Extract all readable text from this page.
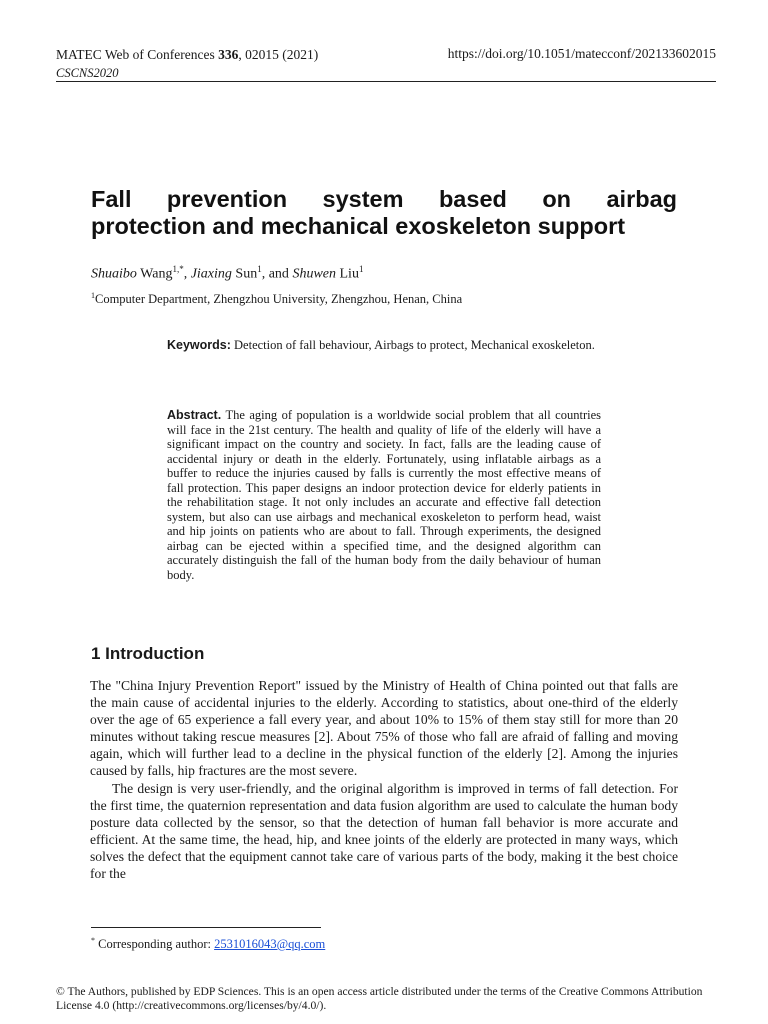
MATEC Web of Conferences 336, 02015 (2021)
CSCNS2020
https://doi.org/10.1051/matecconf/202133602015
Fall prevention system based on airbag
protection and mechanical exoskeleton support
Shuaibo Wang$^{1,*}$, Jiaxing Sun$^1$, and Shuwen Liu$^1$
$^1$Computer Department, Zhengzhou University, Zhengzhou, Henan, China
Keywords: Detection of fall behaviour, Airbags to protect, Mechanical exoskeleton.
Abstract. The aging of population is a worldwide social problem that all countries will face in the 21st century. The health and quality of life of the elderly will have a significant impact on the country and society. In fact, falls are the leading cause of accidental injury or death in the elderly. Fortunately, using inflatable airbags as a buffer to reduce the injuries caused by falls is currently the most effective means of fall protection. This paper designs an indoor protection device for elderly patients in the rehabilitation stage. It not only includes an accurate and effective fall detection system, but also can use airbags and mechanical exoskeleton to perform head, waist and hip joints on patients who are about to fall. Through experiments, the designed airbag can be ejected within a specified time, and the designed algorithm can accurately distinguish the fall of the human body from the daily behaviour of human body.
1 Introduction

The "China Injury Prevention Report" issued by the Ministry of Health of China pointed out that falls are the main cause of accidental injuries to the elderly. According to statistics, about one-third of the elderly over the age of 65 experience a fall every year, and about 10% to 15% of them stay still for more than 20 minutes without taking rescue measures [2]. About 75% of those who fall are afraid of falling and moving again, which will further lead to a decline in the physical function of the elderly [2]. Among the injuries caused by falls, hip fractures are the most severe.

The design is very user-friendly, and the original algorithm is improved in terms of fall detection. For the first time, the quaternion representation and data fusion algorithm are used to calculate the human body posture data collected by the sensor, so that the detection of human fall behavior is more accurate and efficient. At the same time, the head, hip, and knee joints of the elderly are protected in many ways, which solves the defect that the equipment cannot take care of various parts of the body, making it the best choice for the

* Corresponding author: 2531016043@qq.com
© The Authors, published by EDP Sciences. This is an open access article distributed under the terms of the Creative Commons Attribution License 4.0 (http://creativecommons.org/licenses/by/4.0/).
